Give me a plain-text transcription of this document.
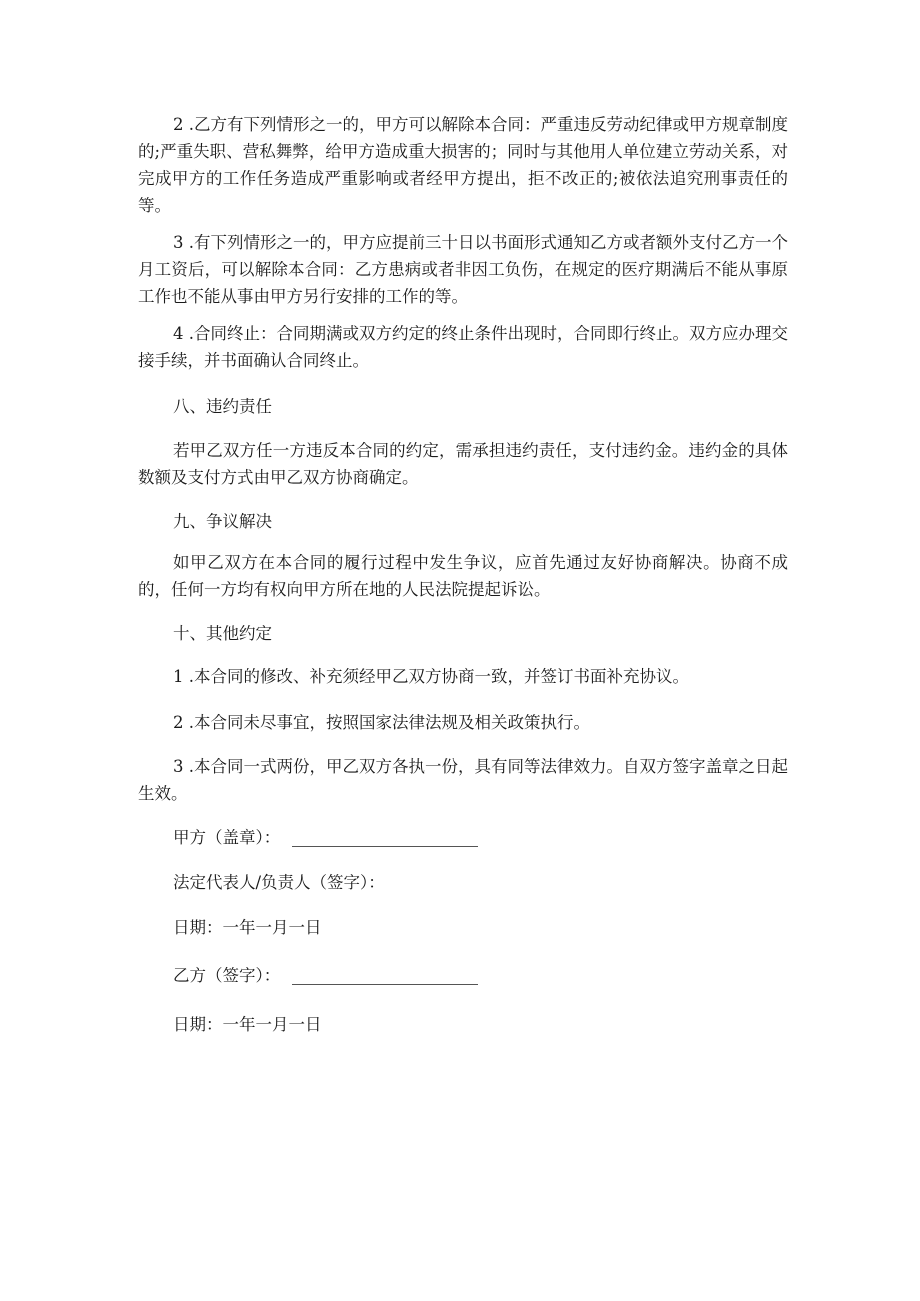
2 .乙方有下列情形之一的，甲方可以解除本合同：严重违反劳动纪律或甲方规章制度的;严重失职、营私舞弊，给甲方造成重大损害的；同时与其他用人单位建立劳动关系，对完成甲方的工作任务造成严重影响或者经甲方提出，拒不改正的;被依法追究刑事责任的等。

3 .有下列情形之一的，甲方应提前三十日以书面形式通知乙方或者额外支付乙方一个月工资后，可以解除本合同：乙方患病或者非因工负伤，在规定的医疗期满后不能从事原工作也不能从事由甲方另行安排的工作的等。

4 .合同终止：合同期满或双方约定的终止条件出现时，合同即行终止。双方应办理交接手续，并书面确认合同终止。

八、违约责任

若甲乙双方任一方违反本合同的约定，需承担违约责任，支付违约金。违约金的具体数额及支付方式由甲乙双方协商确定。

九、争议解决

如甲乙双方在本合同的履行过程中发生争议，应首先通过友好协商解决。协商不成的，任何一方均有权向甲方所在地的人民法院提起诉讼。

十、其他约定

1 .本合同的修改、补充须经甲乙双方协商一致，并签订书面补充协议。

2 .本合同未尽事宜，按照国家法律法规及相关政策执行。

3 .本合同一式两份，甲乙双方各执一份，具有同等法律效力。自双方签字盖章之日起生效。

甲方（盖章）：

法定代表人/负责人（签字）：

日期：一年一月一日

乙方（签字）：

日期：一年一月一日
